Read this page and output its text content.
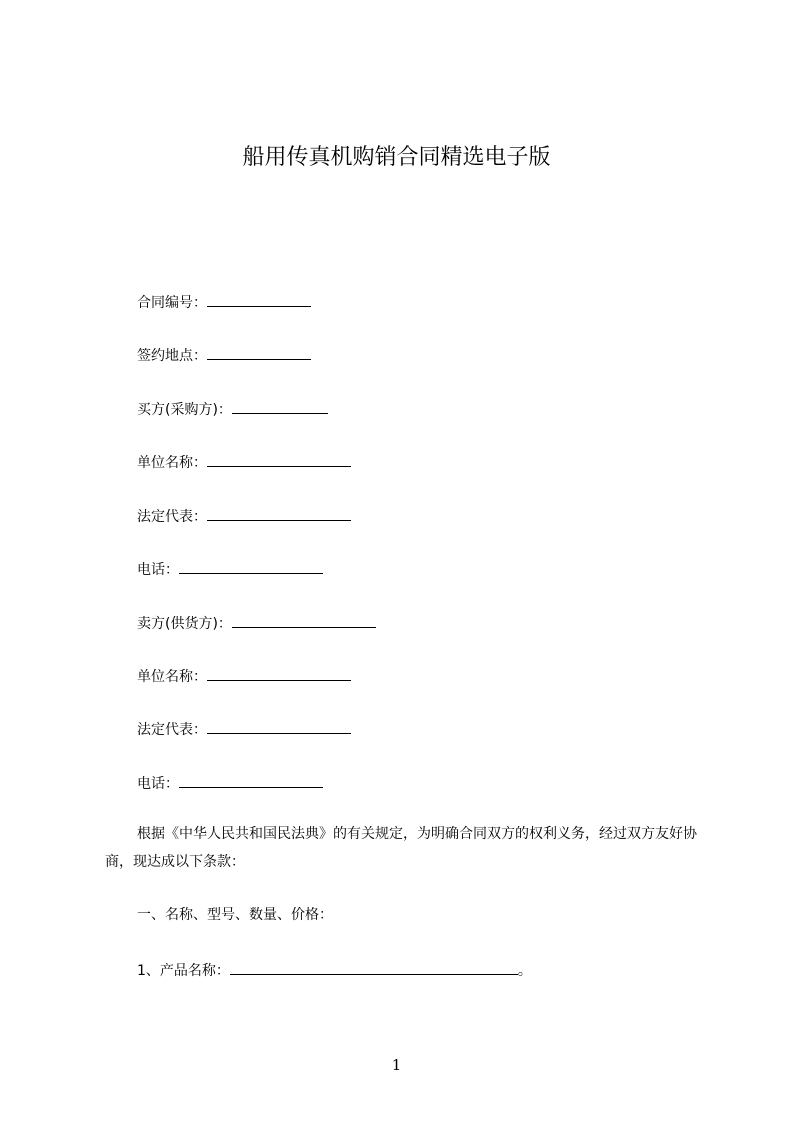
船用传真机购销合同精选电子版
合同编号：
签约地点：
买方(采购方)：
单位名称：
法定代表：
电话：
卖方(供货方)：
单位名称：
法定代表：
电话：
根据《中华人民共和国民法典》的有关规定，为明确合同双方的权利义务，经过双方友好协商，现达成以下条款：
一、名称、型号、数量、价格：
1、产品名称：	。
1
